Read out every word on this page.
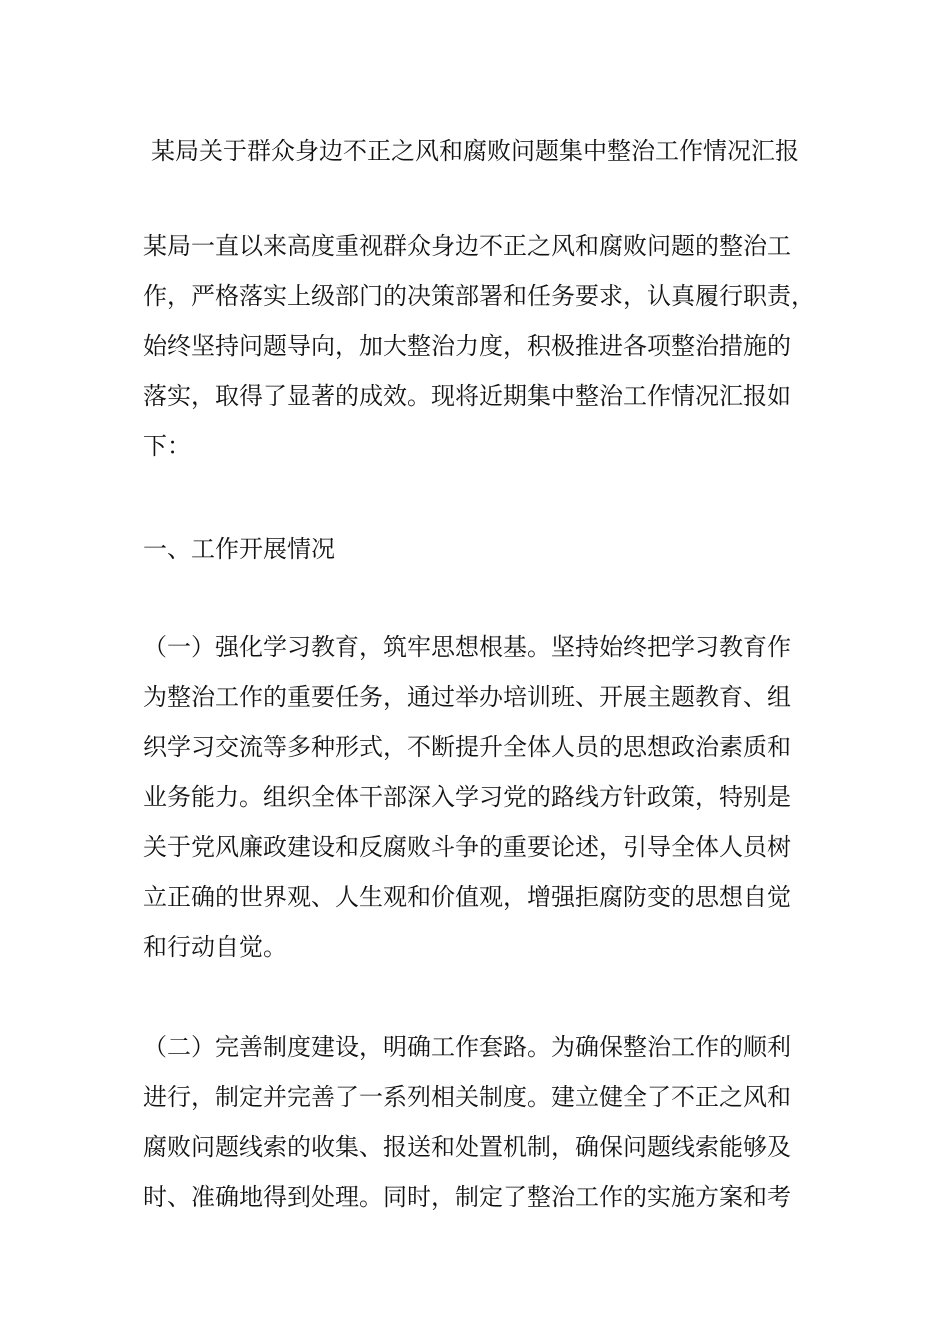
某局关于群众身边不正之风和腐败问题集中整治工作情况汇报
某局一直以来高度重视群众身边不正之风和腐败问题的整治工
作，严格落实上级部门的决策部署和任务要求，认真履行职责，
始终坚持问题导向，加大整治力度，积极推进各项整治措施的
落实，取得了显著的成效。现将近期集中整治工作情况汇报如
下：
一、工作开展情况
（一）强化学习教育，筑牢思想根基。坚持始终把学习教育作
为整治工作的重要任务，通过举办培训班、开展主题教育、组
织学习交流等多种形式，不断提升全体人员的思想政治素质和
业务能力。组织全体干部深入学习党的路线方针政策，特别是
关于党风廉政建设和反腐败斗争的重要论述，引导全体人员树
立正确的世界观、人生观和价值观，增强拒腐防变的思想自觉
和行动自觉。
（二）完善制度建设，明确工作套路。为确保整治工作的顺利
进行，制定并完善了一系列相关制度。建立健全了不正之风和
腐败问题线索的收集、报送和处置机制，确保问题线索能够及
时、准确地得到处理。同时，制定了整治工作的实施方案和考
